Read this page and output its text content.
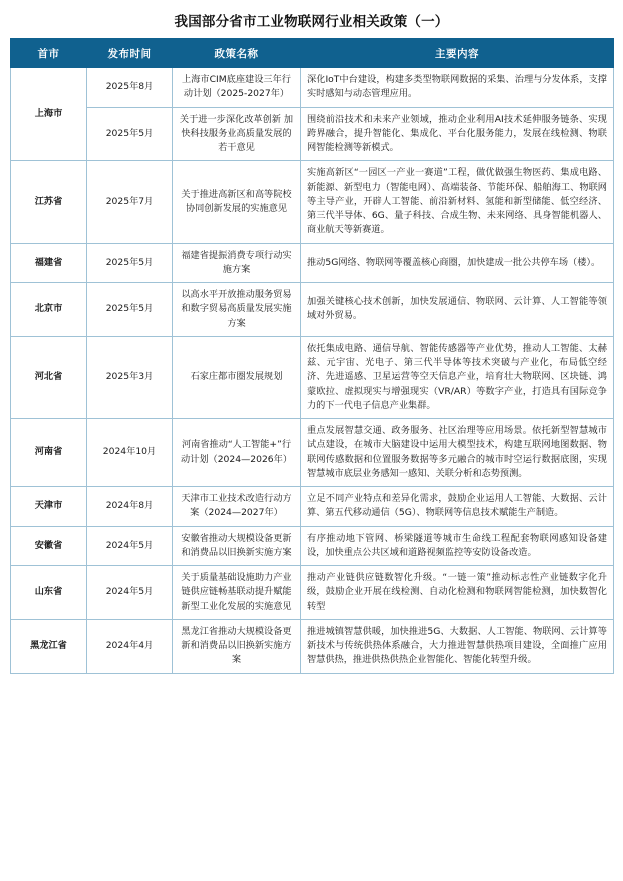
我国部分省市工业物联网行业相关政策（一）
首市	发布时间	政策名称	主要内容
上海市	2025年8月	上海市CIM底座建设三年行动计划（2025-2027年）	深化IoT中台建设，构建多类型物联网数据的采集、治理与分发体系，支撑实时感知与动态管理应用。
	2025年5月	关于进一步深化改革创新 加快科技服务业高质量发展的若干意见	围绕前沿技术和未来产业领域，推动企业利用AI技术延伸服务链条、实现跨界融合，提升智能化、集成化、平台化服务能力，发展在线检测、物联网智能检测等新模式。
江苏省	2025年7月	关于推进高新区和高等院校协同创新发展的实施意见	实施高新区“一园区一产业一赛道”工程，做优做强生物医药、集成电路、新能源、新型电力（智能电网）、高端装备、节能环保、船舶海工、物联网等主导产业，开辟人工智能、前沿新材料、氢能和新型储能、低空经济、第三代半导体、6G、量子科技、合成生物、未来网络、具身智能机器人、商业航天等新赛道。
福建省	2025年5月	福建省提振消费专项行动实施方案	推动5G网络、物联网等覆盖核心商圈，加快建成一批公共停车场（楼）。
北京市	2025年5月	以高水平开放推动服务贸易和数字贸易高质量发展实施方案	加强关键核心技术创新，加快发展通信、物联网、云计算、人工智能等领域对外贸易。
河北省	2025年3月	石家庄都市圈发展规划	依托集成电路、通信导航、智能传感器等产业优势，推动人工智能、太赫兹、元宇宙、光电子、第三代半导体等技术突破与产业化，布局低空经济、先进遥感、卫星运营等空天信息产业，培育壮大物联网、区块链、鸿蒙欧拉、虚拟现实与增强现实（VR/AR）等数字产业，打造具有国际竞争力的下一代电子信息产业集群。
河南省	2024年10月	河南省推动“人工智能+”行动计划（2024—2026年）	重点发展智慧交通、政务服务、社区治理等应用场景。依托新型智慧城市试点建设，在城市大脑建设中运用大模型技术，构建互联网地图数据、物联网传感数据和位置服务数据等多元融合的城市时空运行数据底图，实现智慧城市底层业务感知一感知、关联分析和态势预测。
天津市	2024年8月	天津市工业技术改造行动方案（2024—2027年）	立足不同产业特点和差异化需求，鼓励企业运用人工智能、大数据、云计算、第五代移动通信（5G）、物联网等信息技术赋能生产制造。
安徽省	2024年5月	安徽省推动大规模设备更新和消费品以旧换新实施方案	有序推动地下管网、桥梁隧道等城市生命线工程配套物联网感知设备建设，加快重点公共区域和道路视频监控等安防设备改造。
山东省	2024年5月	关于质量基础设施助力产业链供应链畅基联动提升赋能新型工业化发展的实施意见	推动产业链供应链数智化升级。“一链一策”推动标志性产业链数字化升级，鼓励企业开展在线检测、自动化检测和物联网智能检测，加快数智化转型
黑龙江省	2024年4月	黑龙江省推动大规模设备更新和消费品以旧换新实施方案	推进城镇智慧供暖，加快推进5G、大数据、人工智能、物联网、云计算等新技术与传统供热体系融合，大力推进智慧供热项目建设，全面推广应用智慧供热，推进供热供热企业智能化、智能化转型升级。
